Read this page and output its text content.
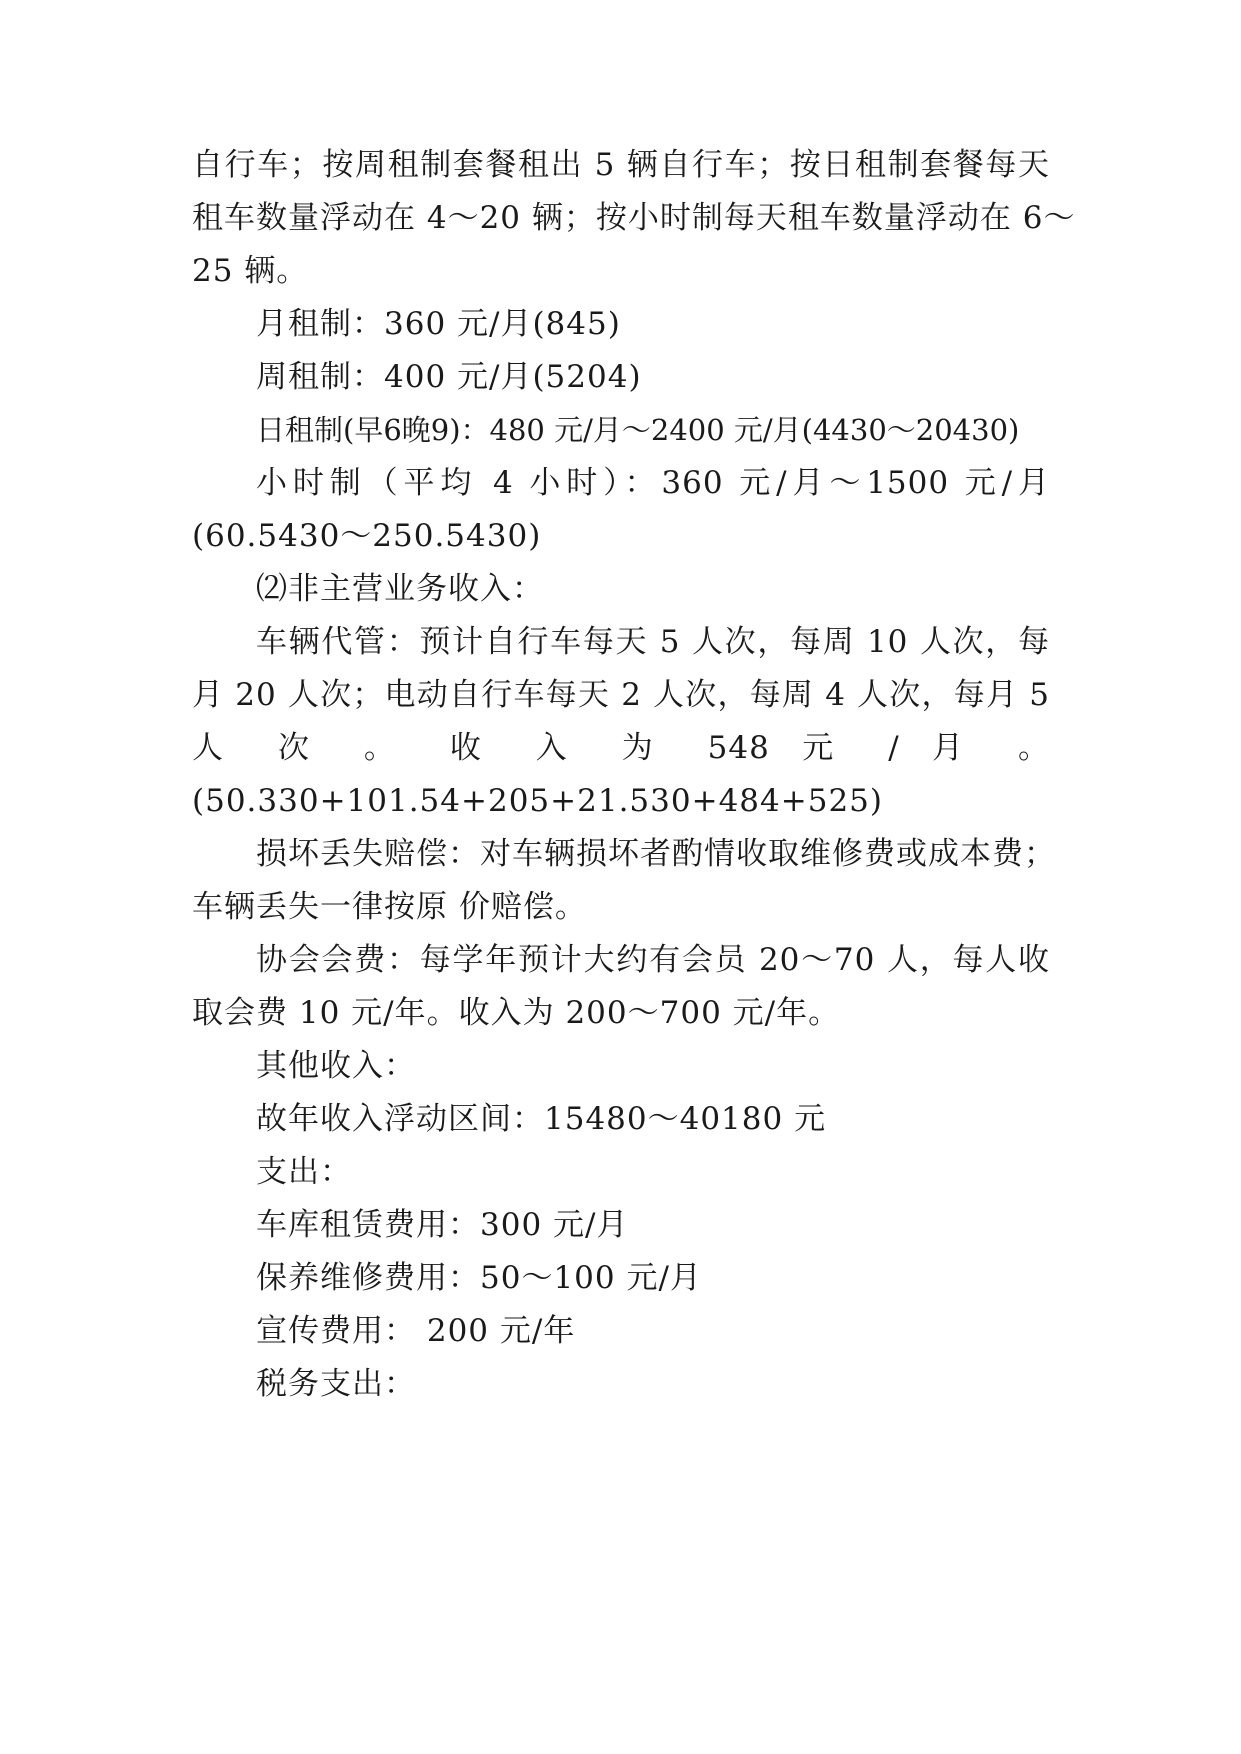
自行车；按周租制套餐租出 5 辆自行车；按日租制套餐每天
租车数量浮动在 4～20 辆；按小时制每天租车数量浮动在 6～
25 辆。
月租制：360 元/月(845)
周租制：400 元/月(5204)
日租制(早6晚9)：480 元/月～2400 元/月(4430～20430)
小时制（平均 4 小时）：360 元/月～1500 元/月
(60.5430～250.5430)
⑵非主营业务收入：
车辆代管：预计自行车每天 5 人次，每周 10 人次，每
月 20 人次；电动自行车每天 2 人次，每周 4 人次，每月 5
人 次 。 收 入 为 548 元 / 月 。
(50.330+101.54+205+21.530+484+525)
损坏丢失赔偿：对车辆损坏者酌情收取维修费或成本费；
车辆丢失一律按原 价赔偿。
协会会费：每学年预计大约有会员 20～70 人，每人收
取会费 10 元/年。收入为 200～700 元/年。
其他收入：
故年收入浮动区间：15480～40180 元
支出：
车库租赁费用：300 元/月
保养维修费用：50～100 元/月
宣传费用： 200 元/年
税务支出：
